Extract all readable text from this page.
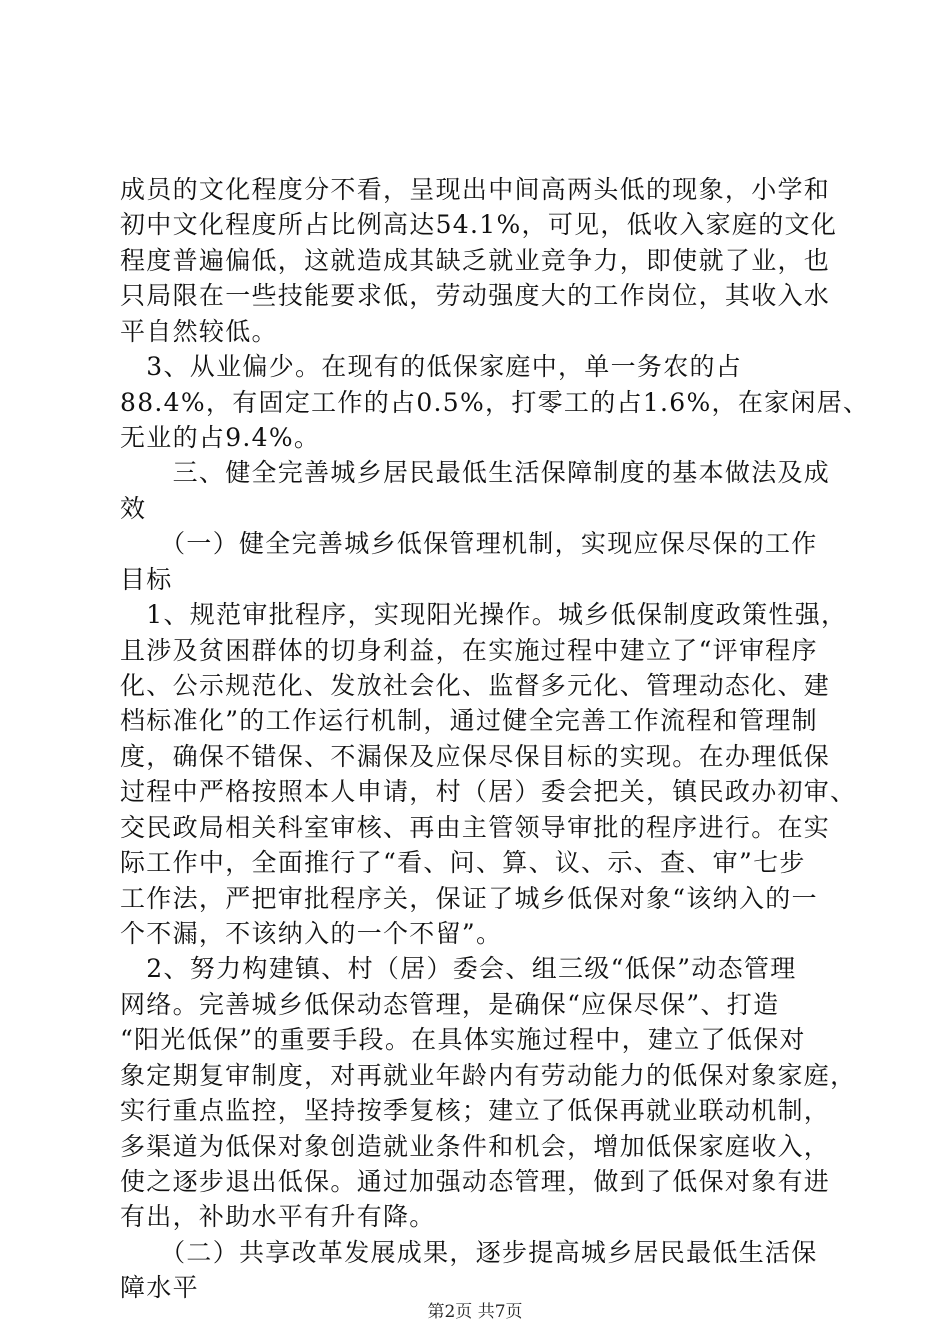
成员的文化程度分不看，呈现出中间高两头低的现象，小学和
初中文化程度所占比例高达54.1%，可见，低收入家庭的文化
程度普遍偏低，这就造成其缺乏就业竞争力，即使就了业，也
只局限在一些技能要求低，劳动强度大的工作岗位，其收入水
平自然较低。
　3、从业偏少。在现有的低保家庭中，单一务农的占
88.4%，有固定工作的占0.5%，打零工的占1.6%，在家闲居、
无业的占9.4%。
　　三、健全完善城乡居民最低生活保障制度的基本做法及成
效
　　（一）健全完善城乡低保管理机制，实现应保尽保的工作
目标
　1、规范审批程序，实现阳光操作。城乡低保制度政策性强，
且涉及贫困群体的切身利益，在实施过程中建立了“评审程序
化、公示规范化、发放社会化、监督多元化、管理动态化、建
档标准化”的工作运行机制，通过健全完善工作流程和管理制
度，确保不错保、不漏保及应保尽保目标的实现。在办理低保
过程中严格按照本人申请，村（居）委会把关，镇民政办初审、
交民政局相关科室审核、再由主管领导审批的程序进行。在实
际工作中，全面推行了“看、问、算、议、示、查、审”七步
工作法，严把审批程序关，保证了城乡低保对象“该纳入的一
个不漏，不该纳入的一个不留”。
　2、努力构建镇、村（居）委会、组三级“低保”动态管理
网络。完善城乡低保动态管理，是确保“应保尽保”、打造
“阳光低保”的重要手段。在具体实施过程中，建立了低保对
象定期复审制度，对再就业年龄内有劳动能力的低保对象家庭，
实行重点监控，坚持按季复核；建立了低保再就业联动机制，
多渠道为低保对象创造就业条件和机会，增加低保家庭收入，
使之逐步退出低保。通过加强动态管理，做到了低保对象有进
有出，补助水平有升有降。
　　（二）共享改革发展成果，逐步提高城乡居民最低生活保
障水平
第2页 共7页
